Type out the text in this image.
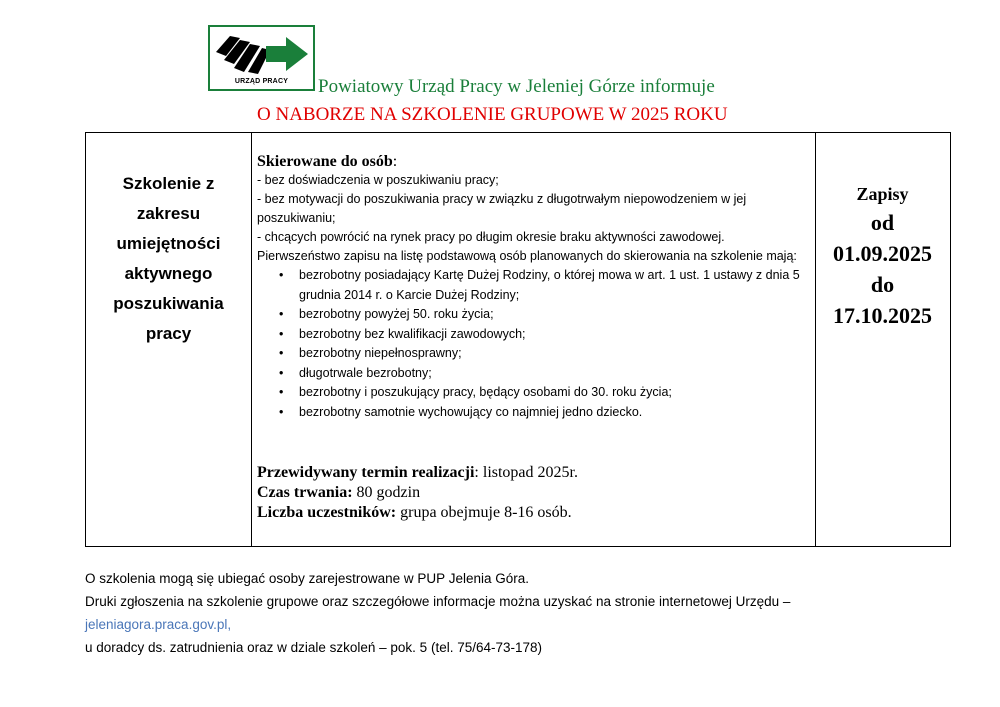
URZĄD PRACY	Powiatowy Urząd Pracy w Jeleniej Górze informuje
O NABORZE NA SZKOLENIE GRUPOWE W 2025 ROKU
Szkolenie z
zakresu
umiejętności
aktywnego
poszukiwania
pracy
Skierowane do osób:
- bez doświadczenia w poszukiwaniu pracy;
- bez motywacji do poszukiwania pracy w związku z długotrwałym niepowodzeniem w jej poszukiwaniu;
- chcących powrócić na rynek pracy po długim okresie braku aktywności zawodowej.
Pierwszeństwo zapisu na listę podstawową osób planowanych do skierowania na szkolenie mają:
• bezrobotny posiadający Kartę Dużej Rodziny, o której mowa w art. 1 ust. 1 ustawy z dnia 5 grudnia 2014 r. o Karcie Dużej Rodziny;
• bezrobotny powyżej 50. roku życia;
• bezrobotny bez kwalifikacji zawodowych;
• bezrobotny niepełnosprawny;
• długotrwale bezrobotny;
• bezrobotny i poszukujący pracy, będący osobami do 30. roku życia;
• bezrobotny samotnie wychowujący co najmniej jedno dziecko.
Przewidywany termin realizacji: listopad 2025r.
Czas trwania: 80 godzin
Liczba uczestników: grupa obejmuje 8-16 osób.
Zapisy
od
01.09.2025
do
17.10.2025
O szkolenia mogą się ubiegać osoby zarejestrowane w PUP Jelenia Góra.
Druki zgłoszenia na szkolenie grupowe oraz szczegółowe informacje można uzyskać na stronie internetowej Urzędu –
jeleniagora.praca.gov.pl,
u doradcy ds. zatrudnienia oraz w dziale szkoleń – pok. 5 (tel. 75/64-73-178)
